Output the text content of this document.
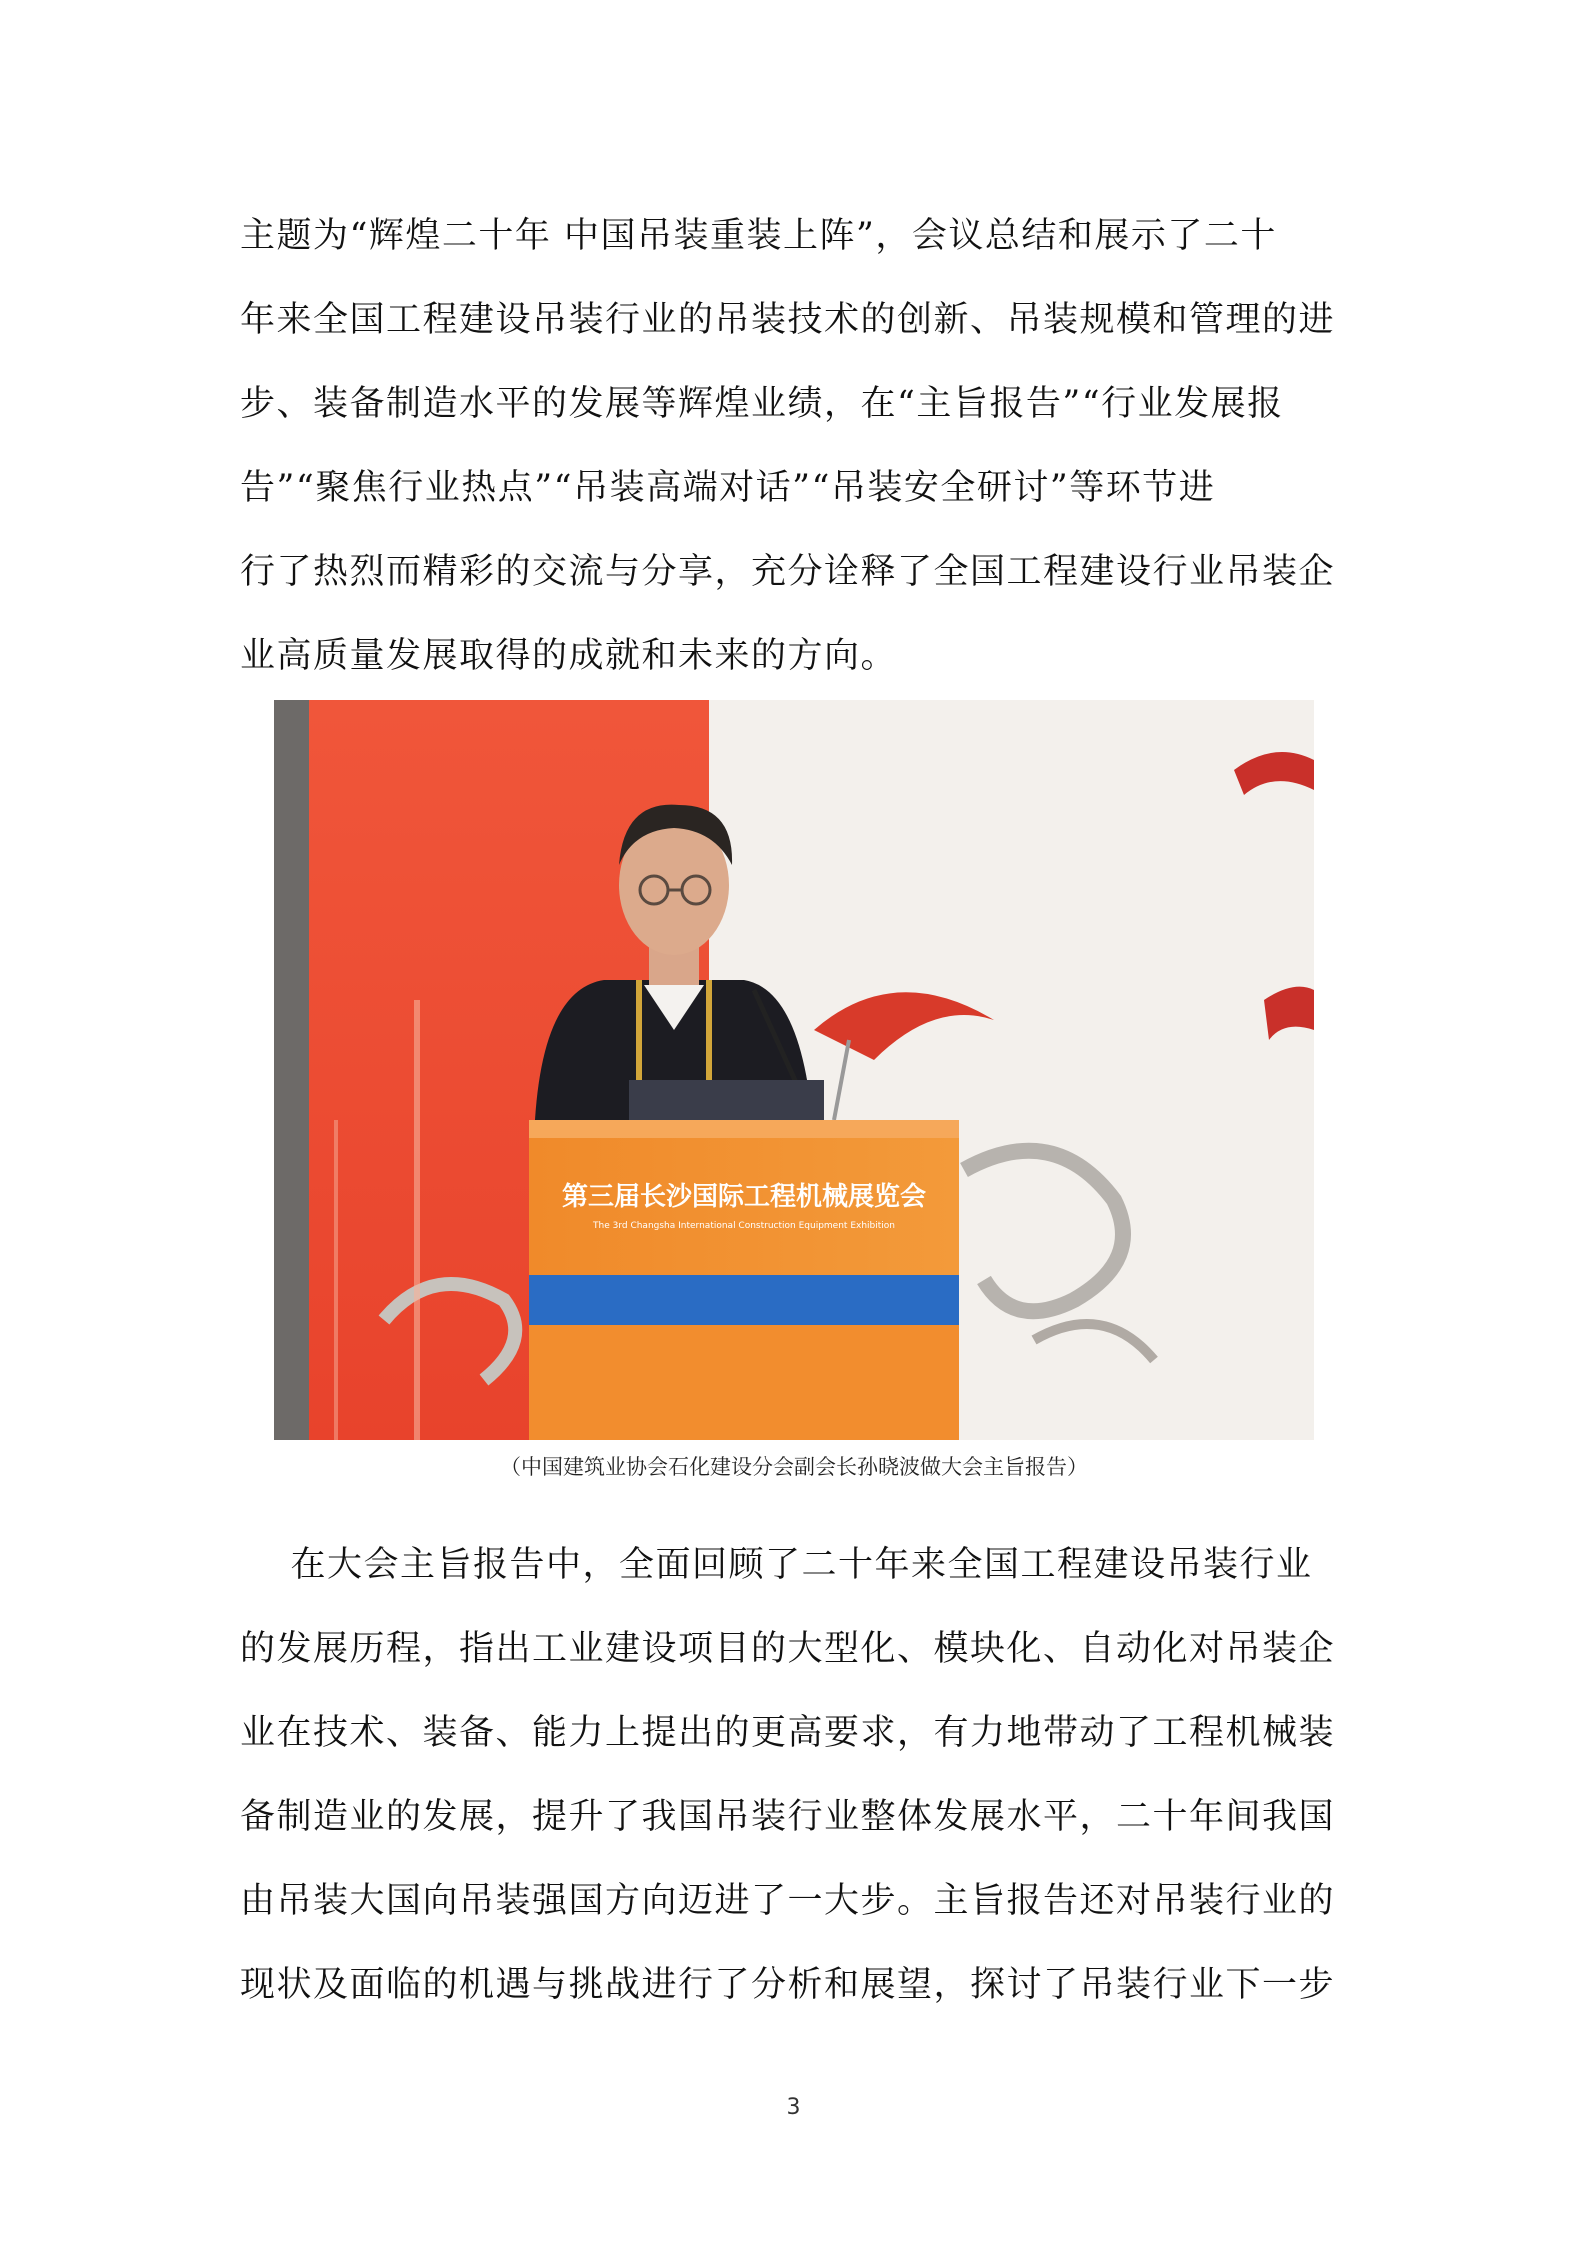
主题为“辉煌二十年 中国吊装重装上阵”，会议总结和展示了二十
年来全国工程建设吊装行业的吊装技术的创新、吊装规模和管理的进
步、装备制造水平的发展等辉煌业绩，在“主旨报告”“行业发展报
告”“聚焦行业热点”“吊装高端对话”“吊装安全研讨”等环节进
行了热烈而精彩的交流与分享，充分诠释了全国工程建设行业吊装企
业高质量发展取得的成就和未来的方向。
第三届长沙国际工程机械展览会
The 3rd Changsha International Construction Equipment Exhibition
（中国建筑业协会石化建设分会副会长孙晓波做大会主旨报告）
在大会主旨报告中，全面回顾了二十年来全国工程建设吊装行业
的发展历程，指出工业建设项目的大型化、模块化、自动化对吊装企
业在技术、装备、能力上提出的更高要求，有力地带动了工程机械装
备制造业的发展，提升了我国吊装行业整体发展水平，二十年间我国
由吊装大国向吊装强国方向迈进了一大步。主旨报告还对吊装行业的
现状及面临的机遇与挑战进行了分析和展望，探讨了吊装行业下一步
3
